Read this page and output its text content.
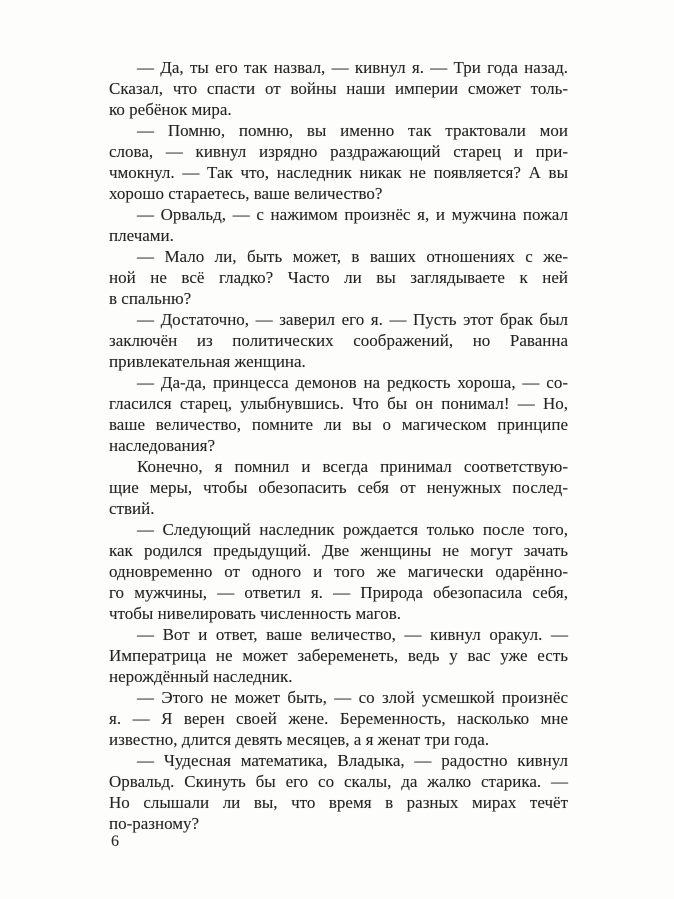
— Да, ты его так назвал, — кивнул я. — Три года назад.
Сказал, что спасти от войны наши империи сможет толь-
ко ребёнок мира.
— Помню, помню, вы именно так трактовали мои
слова, — кивнул изрядно раздражающий старец и при-
чмокнул. — Так что, наследник никак не появляется? А вы
хорошо стараетесь, ваше величество?
— Орвальд, — с нажимом произнёс я, и мужчина пожал
плечами.
— Мало ли, быть может, в ваших отношениях с же-
ной не всё гладко? Часто ли вы заглядываете к ней
в спальню?
— Достаточно, — заверил его я. — Пусть этот брак был
заключён из политических соображений, но Раванна
привлекательная женщина.
— Да-да, принцесса демонов на редкость хороша, — со-
гласился старец, улыбнувшись. Что бы он понимал! — Но,
ваше величество, помните ли вы о магическом принципе
наследования?
Конечно, я помнил и всегда принимал соответствую-
щие меры, чтобы обезопасить себя от ненужных послед-
ствий.
— Следующий наследник рождается только после того,
как родился предыдущий. Две женщины не могут зачать
одновременно от одного и того же магически одарённо-
го мужчины, — ответил я. — Природа обезопасила себя,
чтобы нивелировать численность магов.
— Вот и ответ, ваше величество, — кивнул оракул. —
Императрица не может забеременеть, ведь у вас уже есть
нерождённый наследник.
— Этого не может быть, — со злой усмешкой произнёс
я. — Я верен своей жене. Беременность, насколько мне
известно, длится девять месяцев, а я женат три года.
— Чудесная математика, Владыка, — радостно кивнул
Орвальд. Скинуть бы его со скалы, да жалко старика. —
Но слышали ли вы, что время в разных мирах течёт
по-разному?
6
